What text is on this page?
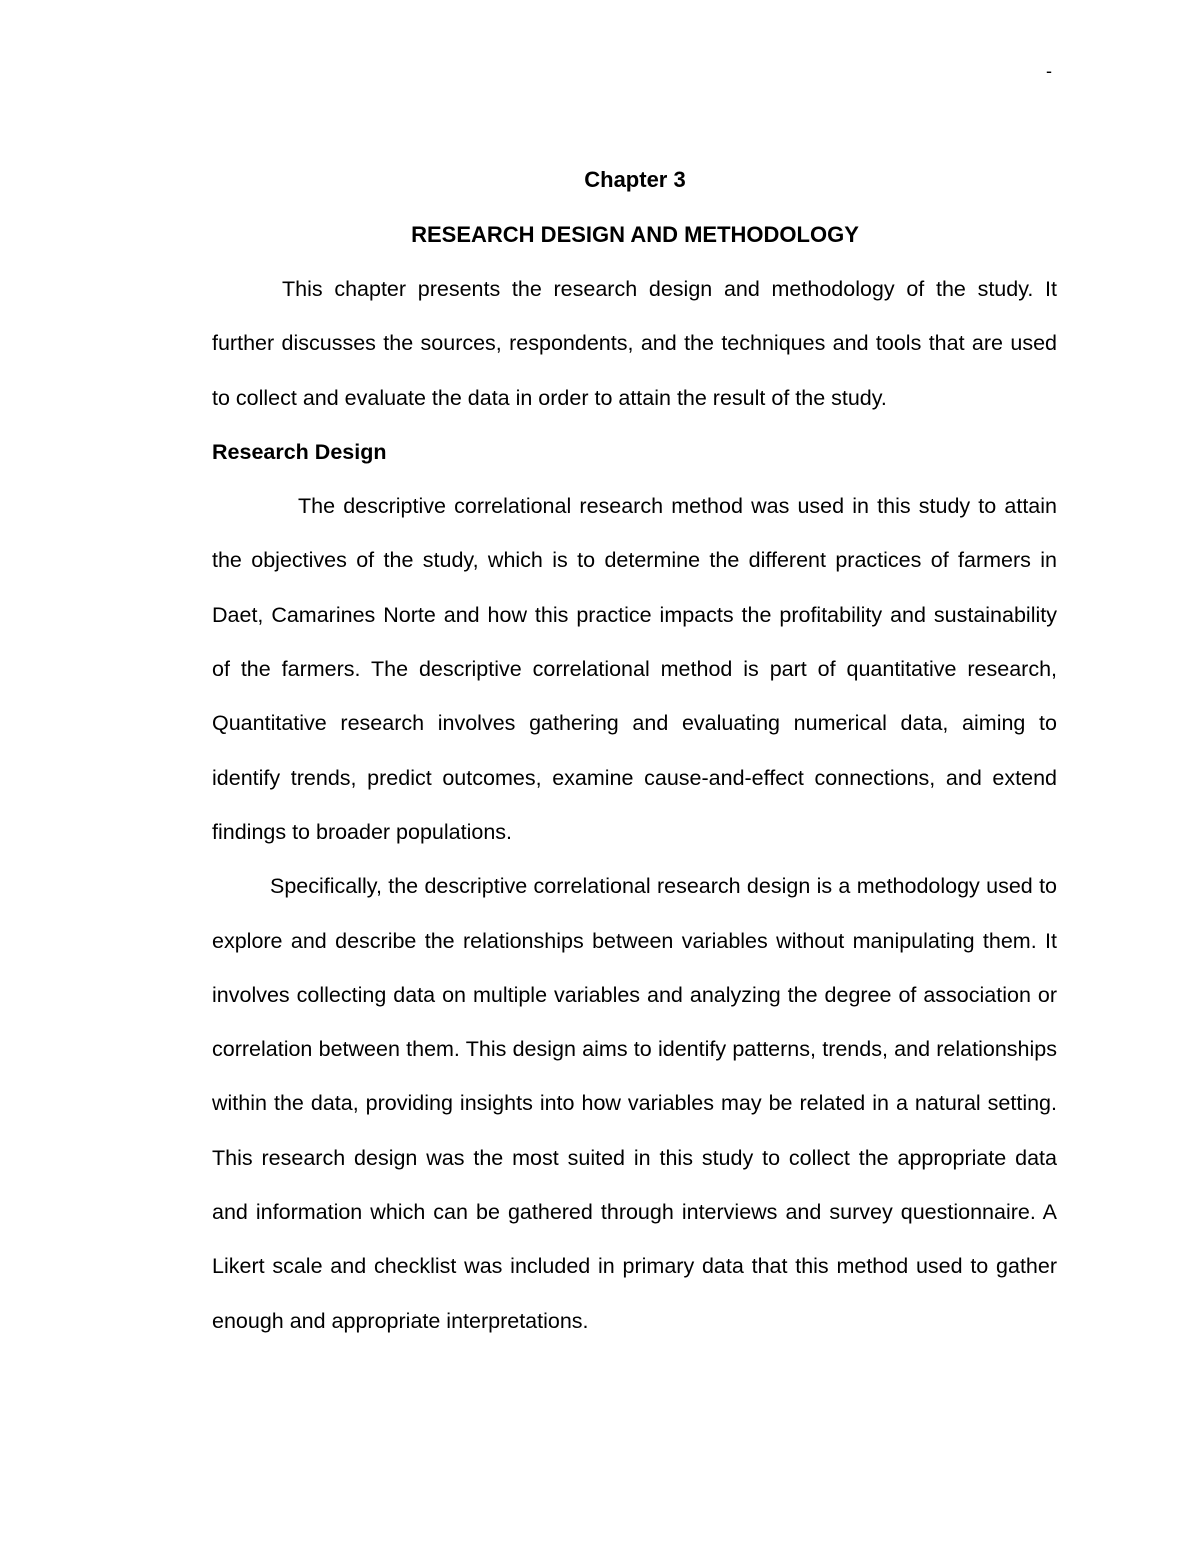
-
Chapter 3
RESEARCH DESIGN AND METHODOLOGY

This chapter presents the research design and methodology of the study. It further discusses the sources, respondents, and the techniques and tools that are used to collect and evaluate the data in order to attain the result of the study.

Research Design

The descriptive correlational research method was used in this study to attain the objectives of the study, which is to determine the different practices of farmers in Daet, Camarines Norte and how this practice impacts the profitability and sustainability of the farmers. The descriptive correlational method is part of quantitative research, Quantitative research involves gathering and evaluating numerical data, aiming to identify trends, predict outcomes, examine cause-and-effect connections, and extend findings to broader populations.

Specifically, the descriptive correlational research design is a methodology used to explore and describe the relationships between variables without manipulating them. It involves collecting data on multiple variables and analyzing the degree of association or correlation between them. This design aims to identify patterns, trends, and relationships within the data, providing insights into how variables may be related in a natural setting. This research design was the most suited in this study to collect the appropriate data and information which can be gathered through interviews and survey questionnaire. A Likert scale and checklist was included in primary data that this method used to gather enough and appropriate interpretations.
